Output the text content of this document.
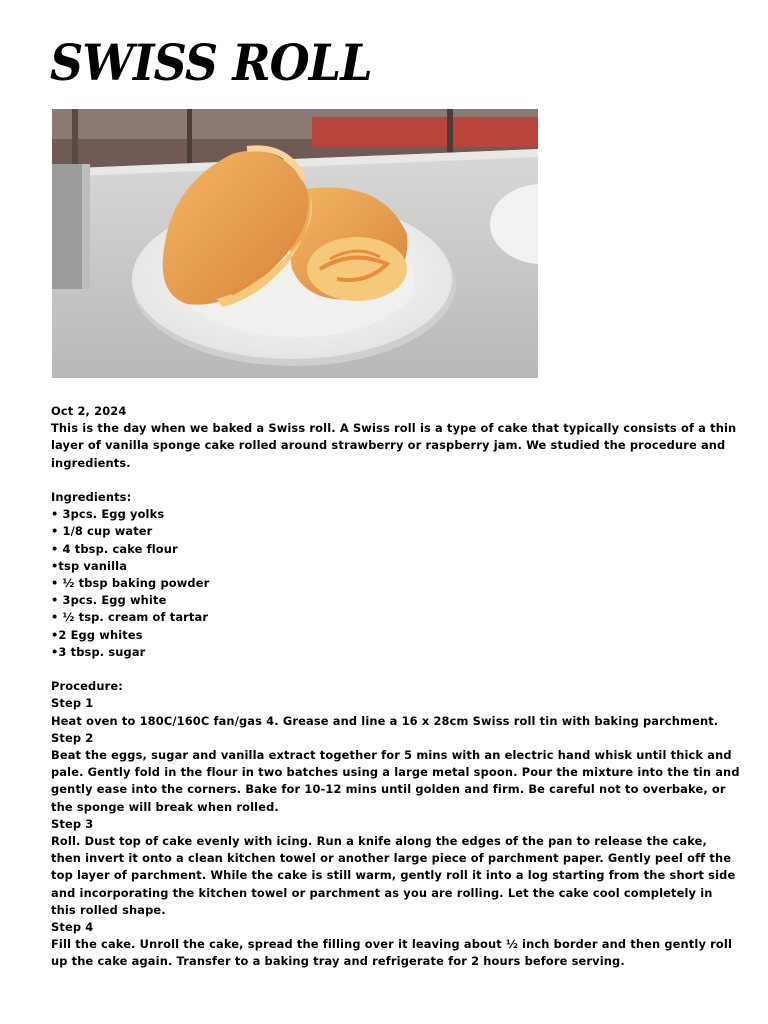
SWISS ROLL

Oct 2, 2024

This is the day when we baked a Swiss roll. A Swiss roll is a type of cake that typically consists of a thin layer of vanilla sponge cake rolled around strawberry or raspberry jam. We studied the procedure and ingredients.

Ingredients:

• 3pcs. Egg yolks
• 1/8 cup water
• 4 tbsp. cake flour
•tsp vanilla
• ½ tbsp baking powder
• 3pcs. Egg white
• ½ tsp. cream of tartar
•2 Egg whites
•3 tbsp. sugar

Procedure:

Step 1

Heat oven to 180C/160C fan/gas 4. Grease and line a 16 x 28cm Swiss roll tin with baking parchment.

Step 2

Beat the eggs, sugar and vanilla extract together for 5 mins with an electric hand whisk until thick and pale. Gently fold in the flour in two batches using a large metal spoon. Pour the mixture into the tin and gently ease into the corners. Bake for 10-12 mins until golden and firm. Be careful not to overbake, or the sponge will break when rolled.

Step 3

Roll. Dust top of cake evenly with icing. Run a knife along the edges of the pan to release the cake, then invert it onto a clean kitchen towel or another large piece of parchment paper. Gently peel off the top layer of parchment. While the cake is still warm, gently roll it into a log starting from the short side and incorporating the kitchen towel or parchment as you are rolling. Let the cake cool completely in this rolled shape.

Step 4

Fill the cake. Unroll the cake, spread the filling over it leaving about ½ inch border and then gently roll up the cake again. Transfer to a baking tray and refrigerate for 2 hours before serving.
